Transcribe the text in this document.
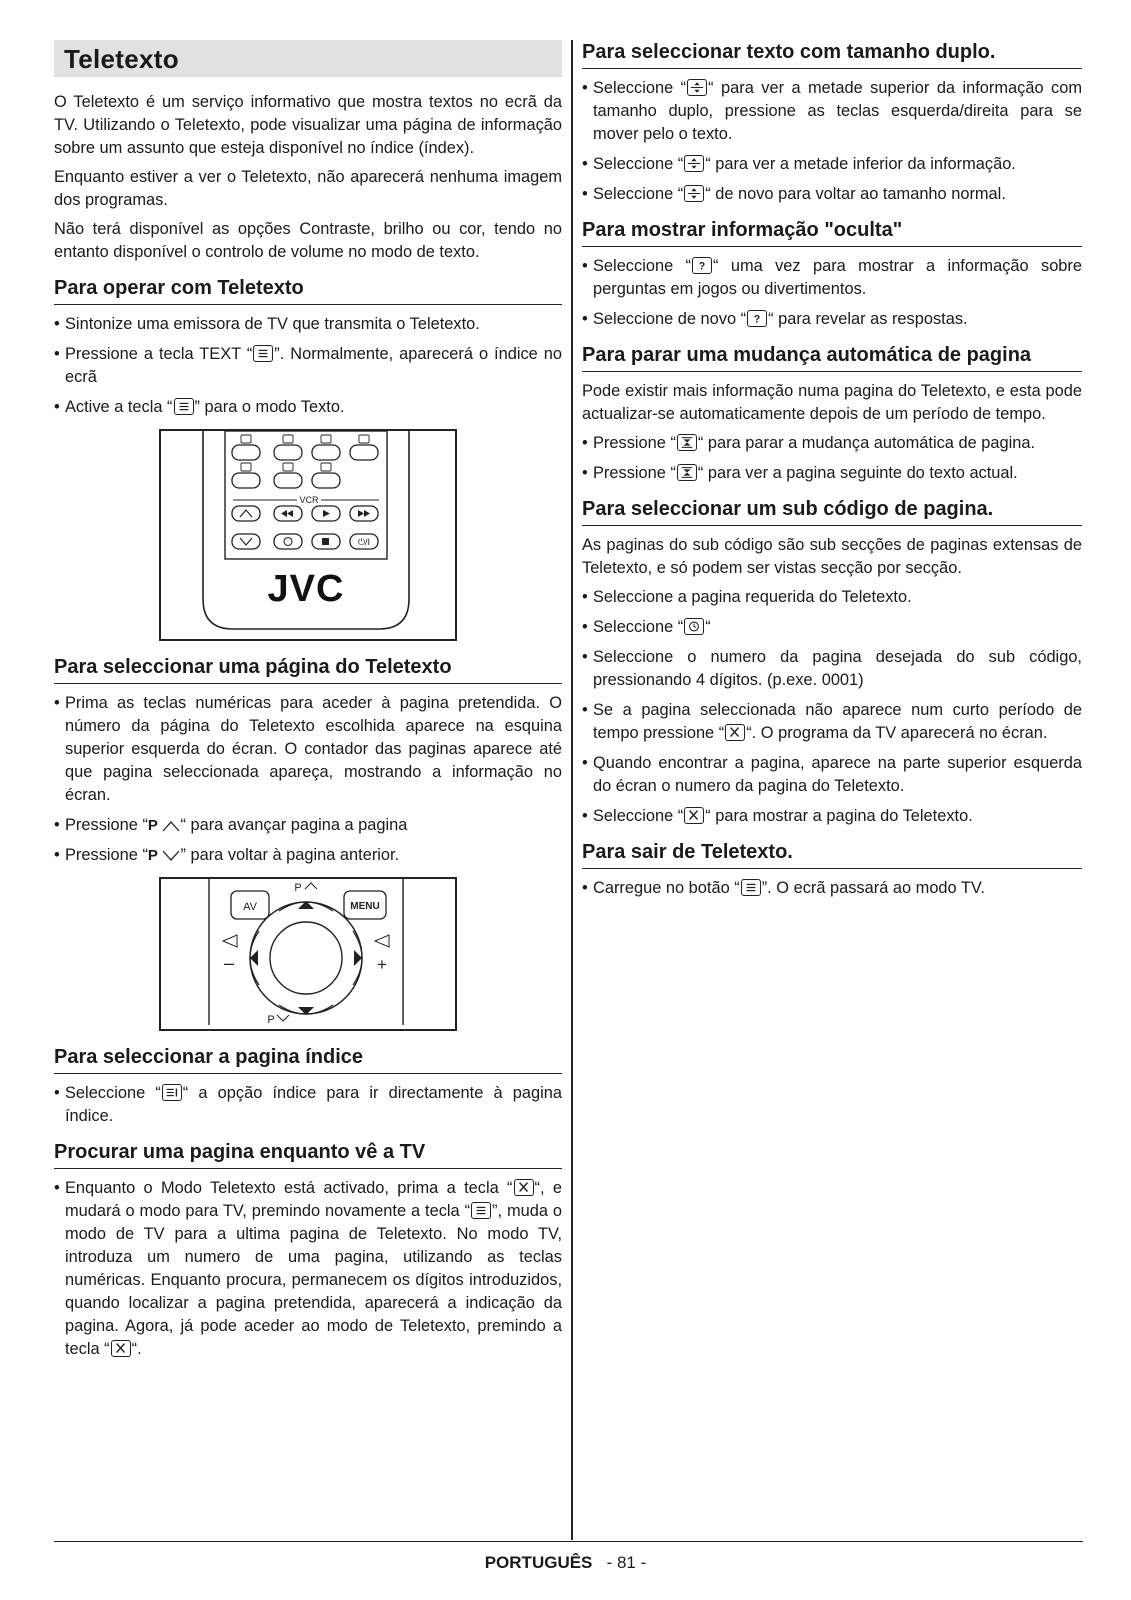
Teletexto

O Teletexto é um serviço informativo que mostra textos no ecrã da TV. Utilizando o Teletexto, pode visualizar uma página de informação sobre um assunto que esteja disponível no índice (índex).

Enquanto estiver a ver o Teletexto, não aparecerá nenhuma imagem dos programas.

Não terá disponível as opções Contraste, brilho ou cor, tendo no entanto disponível o controlo de volume no modo de texto.

Para operar com Teletexto
• Sintonize uma emissora de TV que transmita o Teletexto.
• Pressione a tecla TEXT “ ”. Normalmente, aparecerá o índice no ecrã
• Active a tecla “ ” para o modo Texto.
VCR
⏻/I
JVC
Para seleccionar uma página do Teletexto
• Prima as teclas numéricas para aceder à pagina pretendida. O número da página do Teletexto escolhida aparece na esquina superior esquerda do écran. O contador das paginas aparece até que pagina seleccionada apareça, mostrando a informação no écran.
• Pressione “P “ para avançar pagina a pagina
• Pressione “P ” para voltar à pagina anterior.
AV	MENU
P
P
–	+
Para seleccionar a pagina índice
• Seleccione “ “ a opção índice para ir directamente à pagina índice.
Procurar uma pagina enquanto vê a TV
• Enquanto o Modo Teletexto está activado, prima a tecla “ “, e mudará o modo para TV, premindo novamente a tecla “ ”, muda o modo de TV para a ultima pagina de Teletexto. No modo TV, introduza um numero de uma pagina, utilizando as teclas numéricas. Enquanto procura, permanecem os dígitos introduzidos, quando localizar a pagina pretendida, aparecerá a indicação da pagina. Agora, já pode aceder ao modo de Teletexto, premindo a tecla “ “.
Para seleccionar texto com tamanho duplo.
• Seleccione “ “ para ver a metade superior da informação com tamanho duplo, pressione as teclas esquerda/direita para se mover pelo o texto.
• Seleccione “ “ para ver a metade inferior da informação.
• Seleccione “ “ de novo para voltar ao tamanho normal.
Para mostrar informação "oculta"
• Seleccione “ ? “ uma vez para mostrar a informação sobre perguntas em jogos ou divertimentos.
• Seleccione de novo “ ? “ para revelar as respostas.
Para parar uma mudança automática de pagina

Pode existir mais informação numa pagina do Teletexto, e esta pode actualizar-se automaticamente depois de um período de tempo.

• Pressione “ “ para parar a mudança automática de pagina.
• Pressione “ “ para ver a pagina seguinte do texto actual.
Para seleccionar um sub código de pagina.

As paginas do sub código são sub secções de paginas extensas de Teletexto, e só podem ser vistas secção por secção.

• Seleccione a pagina requerida do Teletexto.
• Seleccione “ “
• Seleccione o numero da pagina desejada do sub código, pressionando 4 dígitos. (p.exe. 0001)
• Se a pagina seleccionada não aparece num curto período de tempo pressione “ “. O programa da TV aparecerá no écran.
• Quando encontrar a pagina, aparece na parte superior esquerda do écran o numero da pagina do Teletexto.
• Seleccione “ “ para mostrar a pagina do Teletexto.
Para sair de Teletexto.
• Carregue no botão “ ”. O ecrã passará ao modo TV.
PORTUGUÊS - 81 -
